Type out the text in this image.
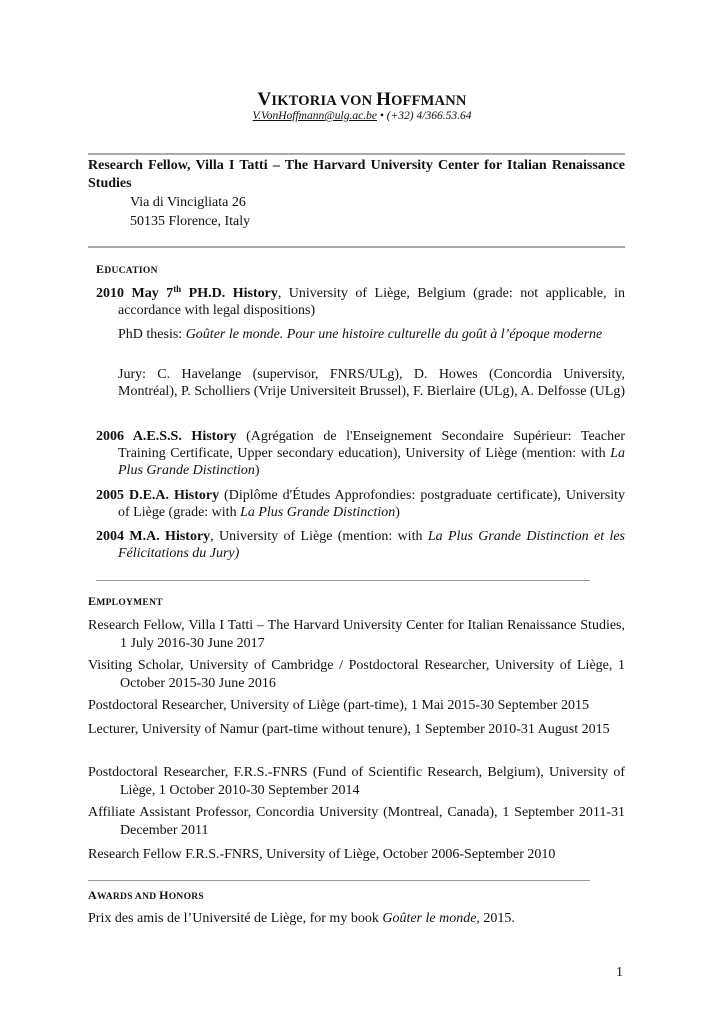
VIKTORIA VON HOFFMANN
V.VonHoffmann@ulg.ac.be • (+32) 4/366.53.64
Research Fellow, Villa I Tatti – The Harvard University Center for Italian Renaissance Studies
Via di Vincigliata 26
50135 Florence, Italy
EDUCATION
2010 May 7th PH.D. History, University of Liège, Belgium (grade: not applicable, in accordance with legal dispositions)
PhD thesis: Goûter le monde. Pour une histoire culturelle du goût à l’époque moderne
Jury: C. Havelange (supervisor, FNRS/ULg), D. Howes (Concordia University, Montréal), P. Scholliers (Vrije Universiteit Brussel), F. Bierlaire (ULg), A. Delfosse (ULg)
2006 A.E.S.S. History (Agrégation de l'Enseignement Secondaire Supérieur: Teacher Training Certificate, Upper secondary education), University of Liège (mention: with La Plus Grande Distinction)
2005 D.E.A. History (Diplôme d'Études Approfondies: postgraduate certificate), University of Liège (grade: with La Plus Grande Distinction)
2004 M.A. History, University of Liège (mention: with La Plus Grande Distinction et les Félicitations du Jury)
EMPLOYMENT
Research Fellow, Villa I Tatti – The Harvard University Center for Italian Renaissance Studies, 1 July 2016-30 June 2017
Visiting Scholar, University of Cambridge / Postdoctoral Researcher, University of Liège, 1 October 2015-30 June 2016
Postdoctoral Researcher, University of Liège (part-time), 1 Mai 2015-30 September 2015
Lecturer, University of Namur (part-time without tenure), 1 September 2010-31 August 2015
Postdoctoral Researcher, F.R.S.-FNRS (Fund of Scientific Research, Belgium), University of Liège, 1 October 2010-30 September 2014
Affiliate Assistant Professor, Concordia University (Montreal, Canada), 1 September 2011-31 December 2011
Research Fellow F.R.S.-FNRS, University of Liège, October 2006-September 2010
AWARDS AND HONORS
Prix des amis de l’Université de Liège, for my book Goûter le monde, 2015.
1
